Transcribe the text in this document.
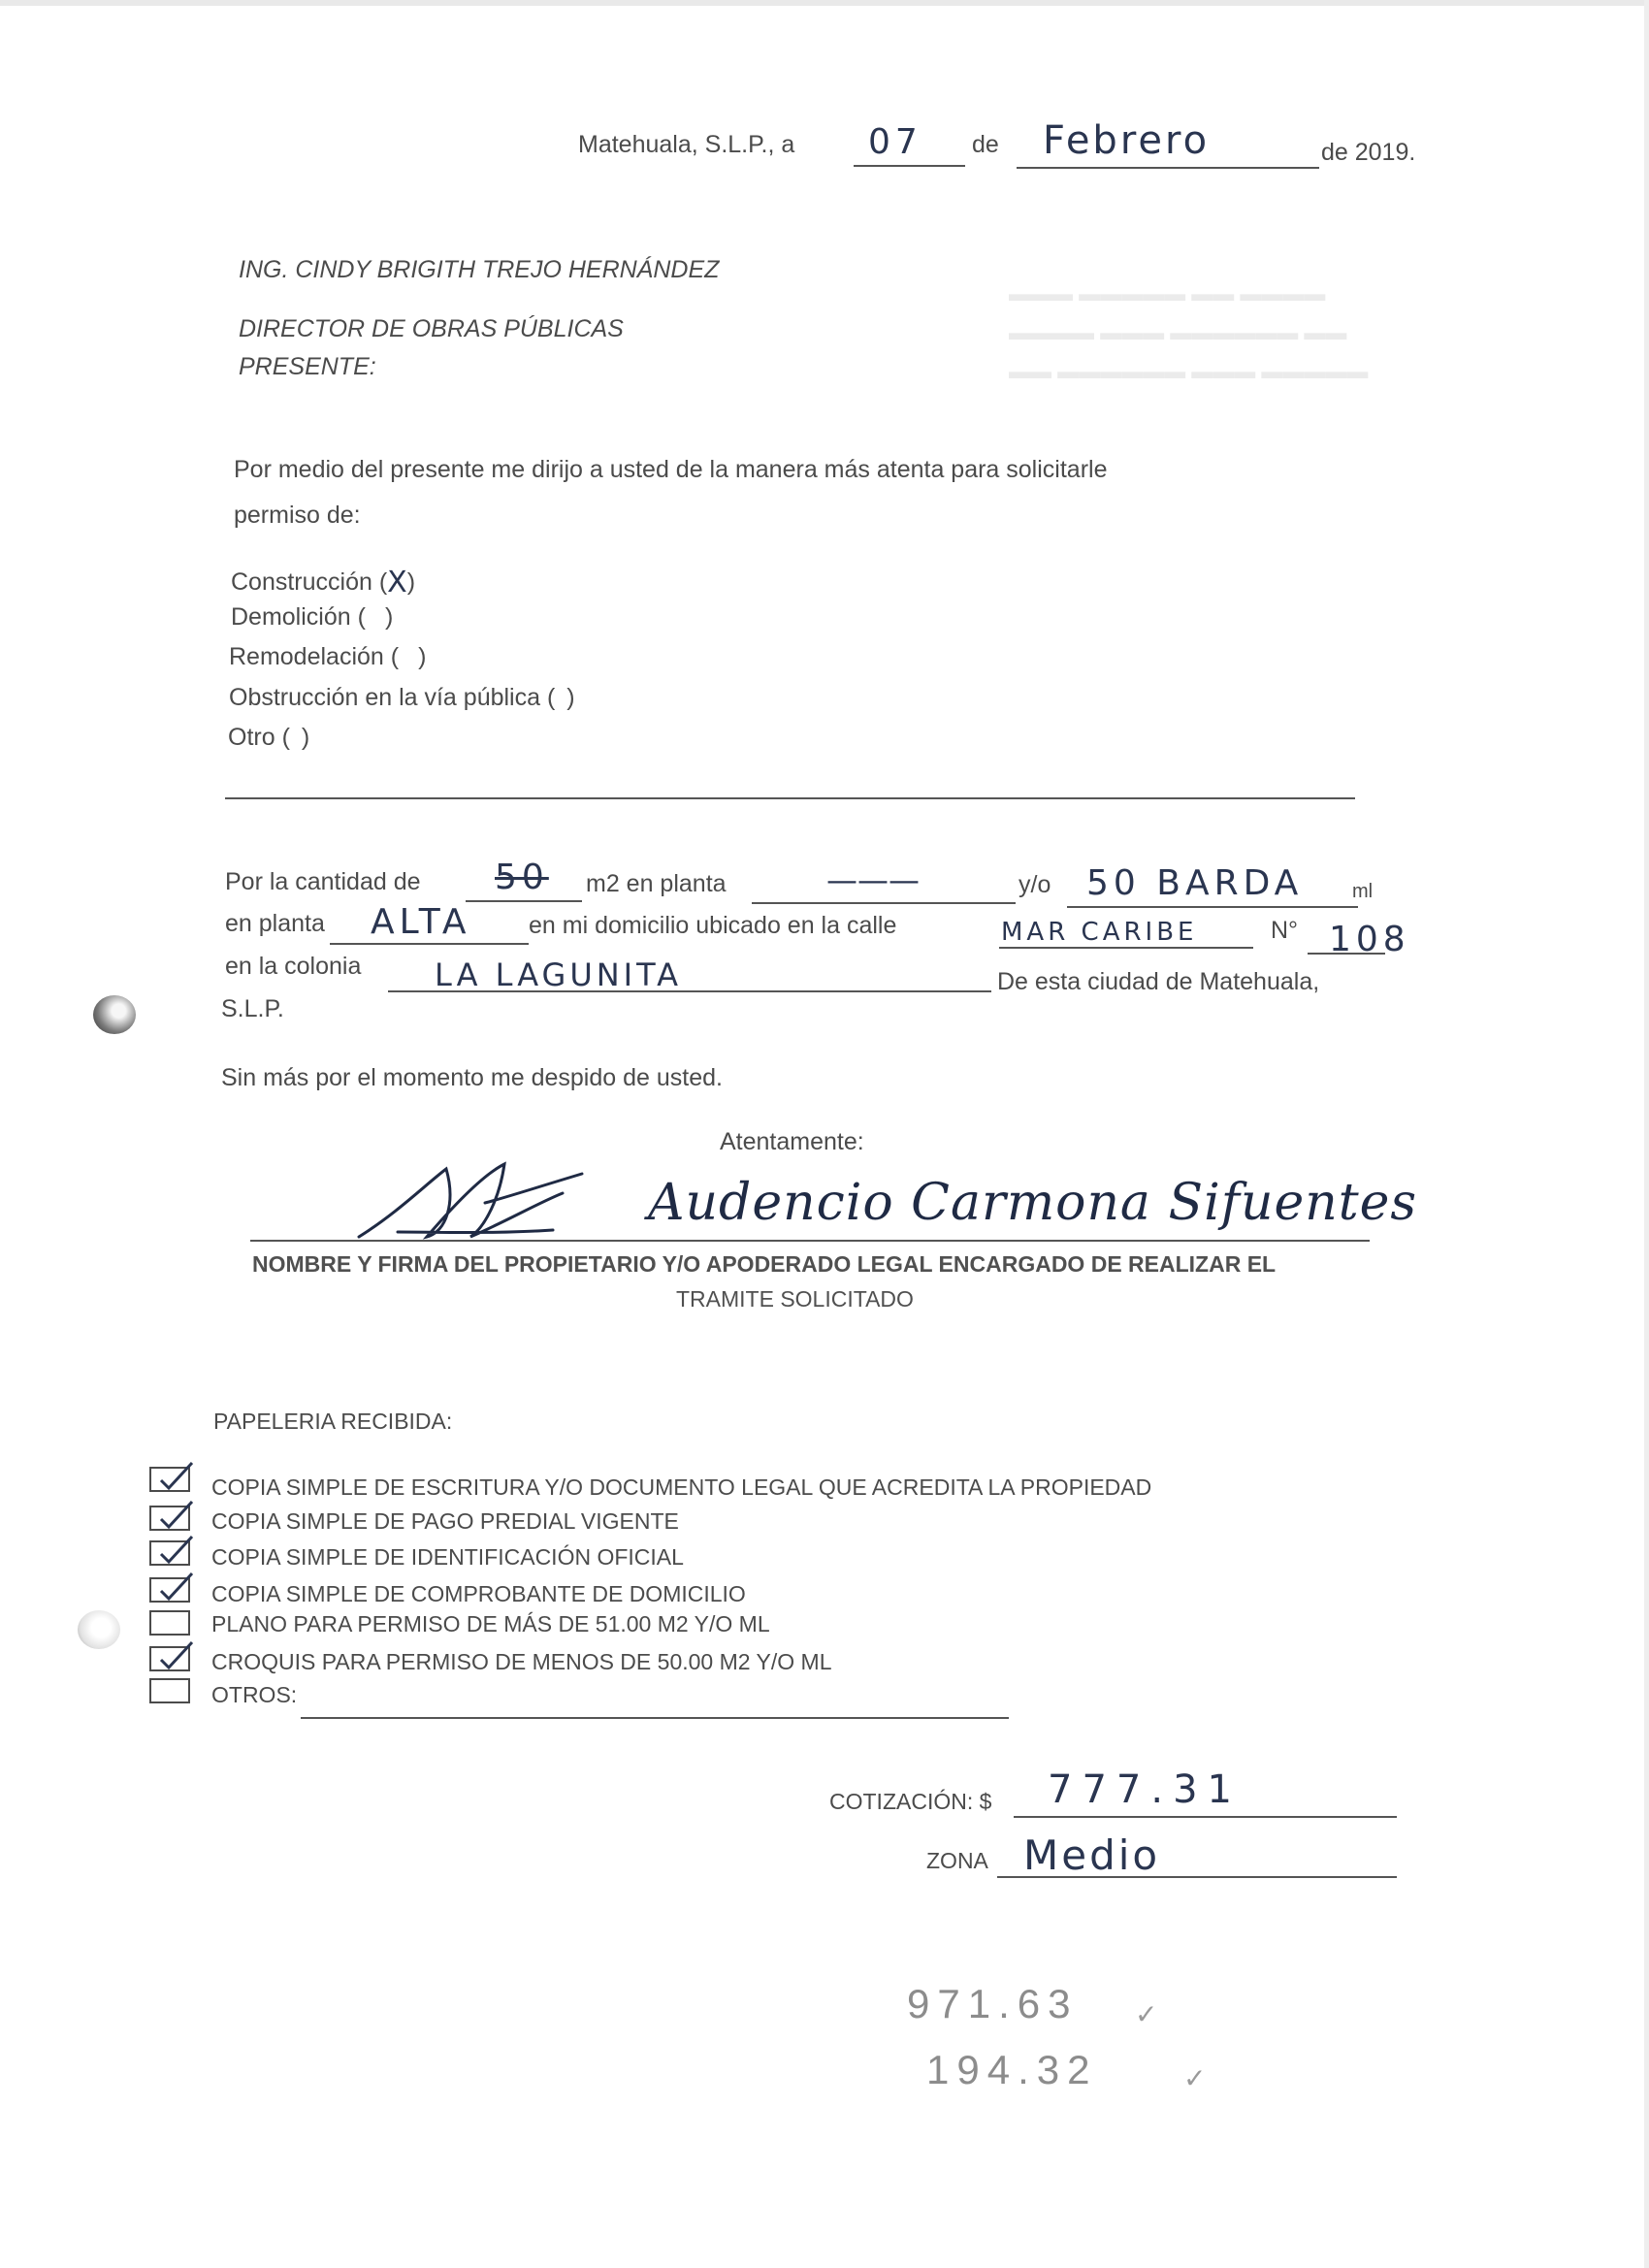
▬▬▬ ▬▬▬▬▬ ▬▬ ▬▬▬▬
▬▬▬▬ ▬▬▬ ▬▬▬▬▬▬ ▬▬
▬▬ ▬▬▬▬▬▬ ▬▬▬ ▬▬▬▬▬
Matehuala, S.L.P., a 07 de Febrero	de 2019.
ING. CINDY BRIGITH TREJO HERNÁNDEZ
DIRECTOR DE OBRAS PÚBLICAS
PRESENTE:
Por medio del presente me dirijo a usted de la manera más atenta para solicitarle
permiso de:
Construcción (X)
Demolición ( )
Remodelación ( )
Obstrucción en la vía pública ( )
Otro ( )
Por la cantidad de 50 m2 en planta	———	y/o 50 BARDA	ml
en planta ALTA en mi domicilio ubicado en la calle	MAR CARIBE	N° 108
en la colonia LA LAGUNITA	De esta ciudad de Matehuala,
S.L.P.
Sin más por el momento me despido de usted.
Atentamente:
Audencio Carmona Sifuentes
NOMBRE Y FIRMA DEL PROPIETARIO Y/O APODERADO LEGAL ENCARGADO DE REALIZAR EL
TRAMITE SOLICITADO
PAPELERIA RECIBIDA:
COPIA SIMPLE DE ESCRITURA Y/O DOCUMENTO LEGAL QUE ACREDITA LA PROPIEDAD
COPIA SIMPLE DE PAGO PREDIAL VIGENTE
COPIA SIMPLE DE IDENTIFICACIÓN OFICIAL
COPIA SIMPLE DE COMPROBANTE DE DOMICILIO
PLANO PARA PERMISO DE MÁS DE 51.00 M2 Y/O ML
CROQUIS PARA PERMISO DE MENOS DE 50.00 M2 Y/O ML
OTROS:
COTIZACIÓN: $ 777.31
ZONA Medio
971.63 ✓
194.32	✓
